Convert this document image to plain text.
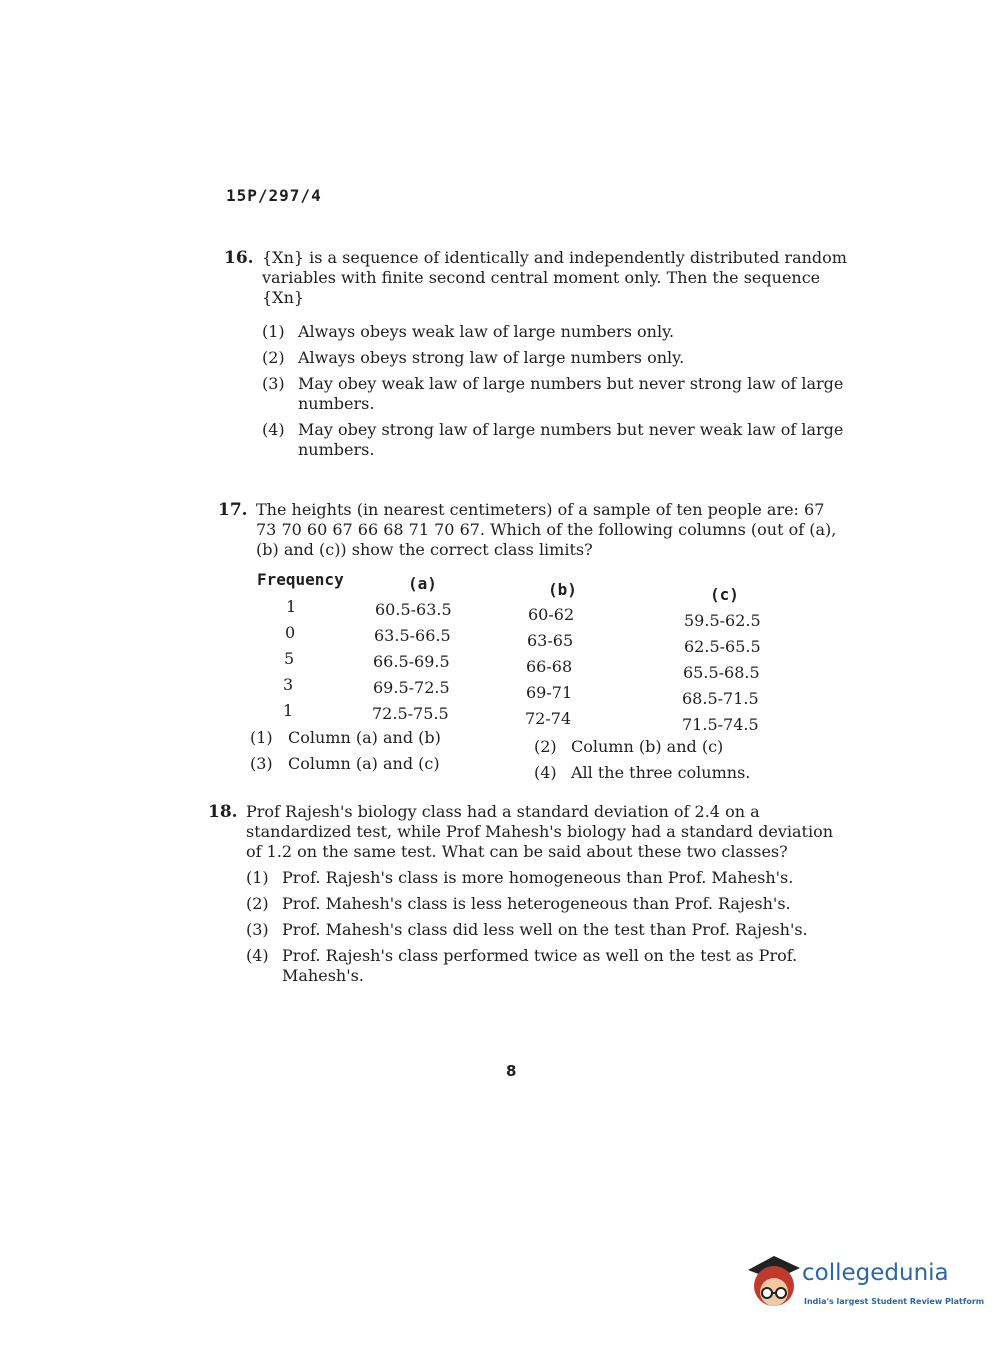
15P/297/4
16. {Xn} is a sequence of identically and independently distributed random variables with finite second central moment only. Then the sequence {Xn}
(1) Always obeys weak law of large numbers only.
(2) Always obeys strong law of large numbers only.
(3) May obey weak law of large numbers but never strong law of large numbers.
(4) May obey strong law of large numbers but never weak law of large numbers.
17. The heights (in nearest centimeters) of a sample of ten people are: 67 73 70 60 67 66 68 71 70 67. Which of the following columns (out of (a), (b) and (c)) show the correct class limits?
Frequency	(a)	(b)	(c)
1	60.5-63.5	60-62	59.5-62.5
0	63.5-66.5	63-65	62.5-65.5
5	66.5-69.5	66-68	65.5-68.5
3	69.5-72.5	69-71	68.5-71.5
1	72.5-75.5	72-74	71.5-74.5
(1) Column (a) and (b)	(2) Column (b) and (c)
(3) Column (a) and (c)	(4) All the three columns.
18. Prof Rajesh's biology class had a standard deviation of 2.4 on a standardized test, while Prof Mahesh's biology had a standard deviation of 1.2 on the same test. What can be said about these two classes?
(1) Prof. Rajesh's class is more homogeneous than Prof. Mahesh's.
(2) Prof. Mahesh's class is less heterogeneous than Prof. Rajesh's.
(3) Prof. Mahesh's class did less well on the test than Prof. Rajesh's.
(4) Prof. Rajesh's class performed twice as well on the test as Prof. Mahesh's.
8
collegedunia
India's largest Student Review Platform
